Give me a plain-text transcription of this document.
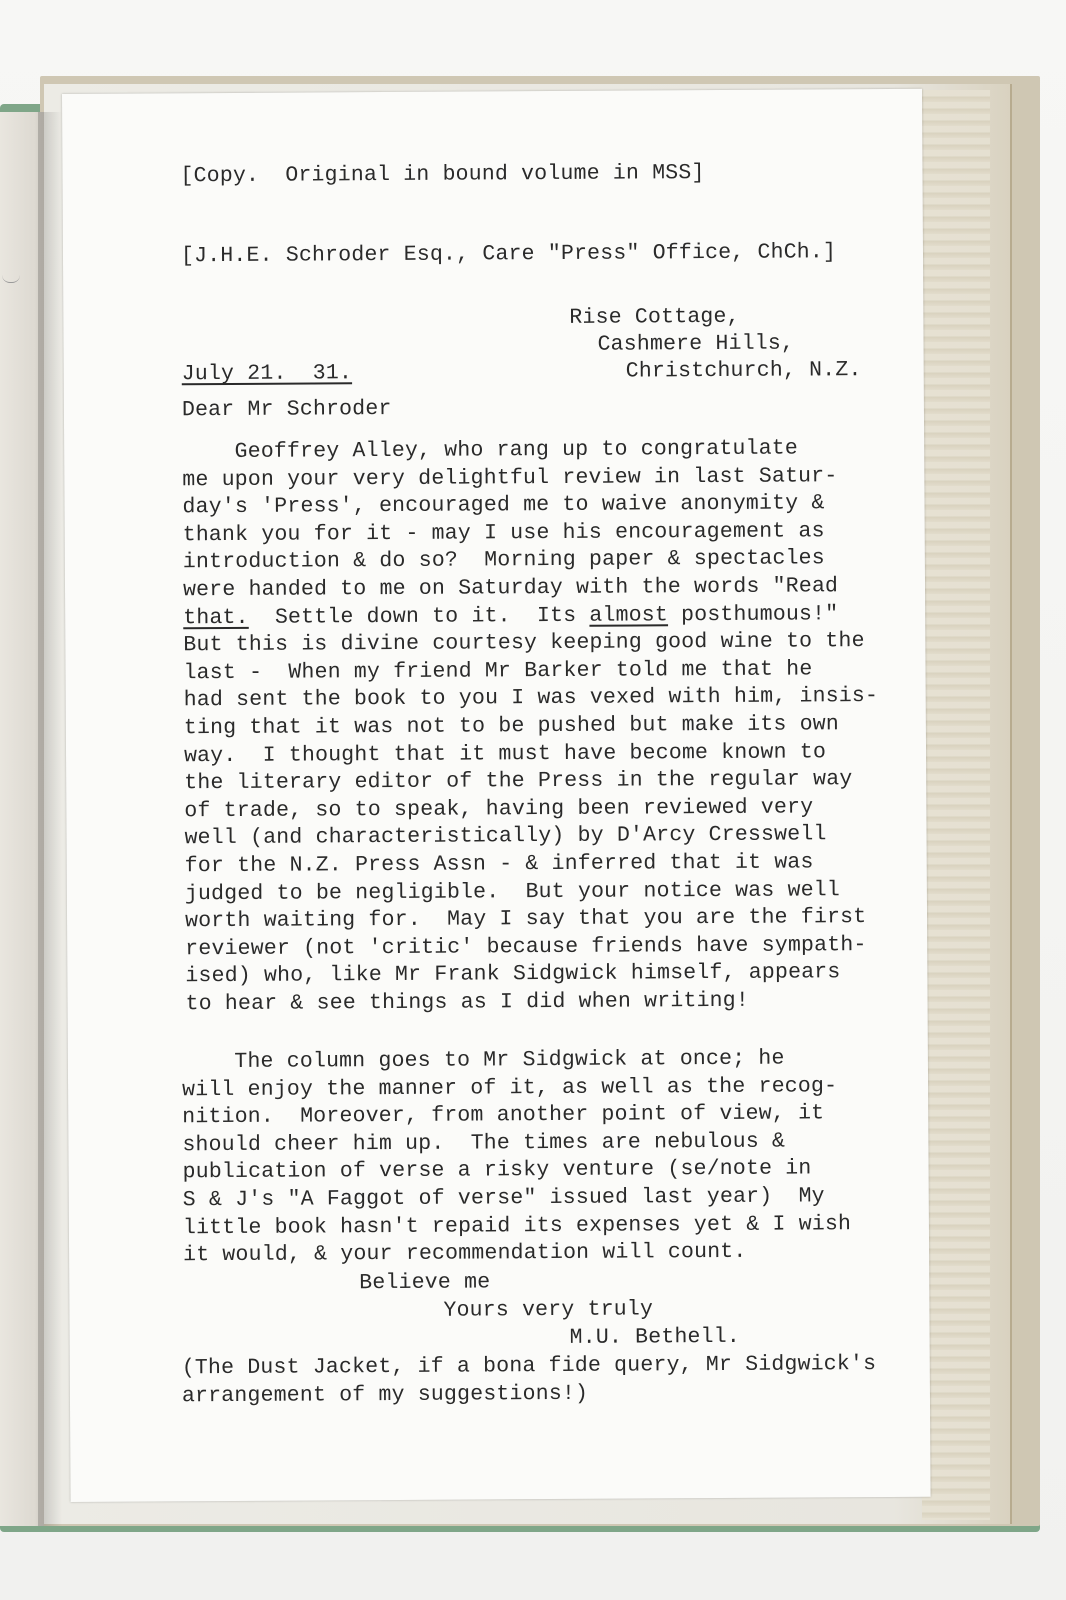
[Copy.  Original in bound volume in MSS]
[J.H.E. Schroder Esq., Care "Press" Office, ChCh.]
Rise Cottage,
Cashmere Hills,
Christchurch, N.Z.
July 21.  31.
Dear Mr Schroder
Believe me
Yours very truly
M.U. Bethell.
(The Dust Jacket, if a bona fide query, Mr Sidgwick's
arrangement of my suggestions!)
Geoffrey Alley, who rang up to congratulate
me upon your very delightful review in last Satur-
day's 'Press', encouraged me to waive anonymity &
thank you for it - may I use his encouragement as
introduction & do so?  Morning paper & spectacles
were handed to me on Saturday with the words "Read
that.  Settle down to it.  Its almost posthumous!"
But this is divine courtesy keeping good wine to the
last -  When my friend Mr Barker told me that he
had sent the book to you I was vexed with him, insis-
ting that it was not to be pushed but make its own
way.  I thought that it must have become known to
the literary editor of the Press in the regular way
of trade, so to speak, having been reviewed very
well (and characteristically) by D'Arcy Cresswell
for the N.Z. Press Assn - & inferred that it was
judged to be negligible.  But your notice was well
worth waiting for.  May I say that you are the first
reviewer (not 'critic' because friends have sympath-
ised) who, like Mr Frank Sidgwick himself, appears
to hear & see things as I did when writing!
The column goes to Mr Sidgwick at once; he
will enjoy the manner of it, as well as the recog-
nition.  Moreover, from another point of view, it
should cheer him up.  The times are nebulous &
publication of verse a risky venture (se/note in
S & J's "A Faggot of verse" issued last year)  My
little book hasn't repaid its expenses yet & I wish
it would, & your recommendation will count.
